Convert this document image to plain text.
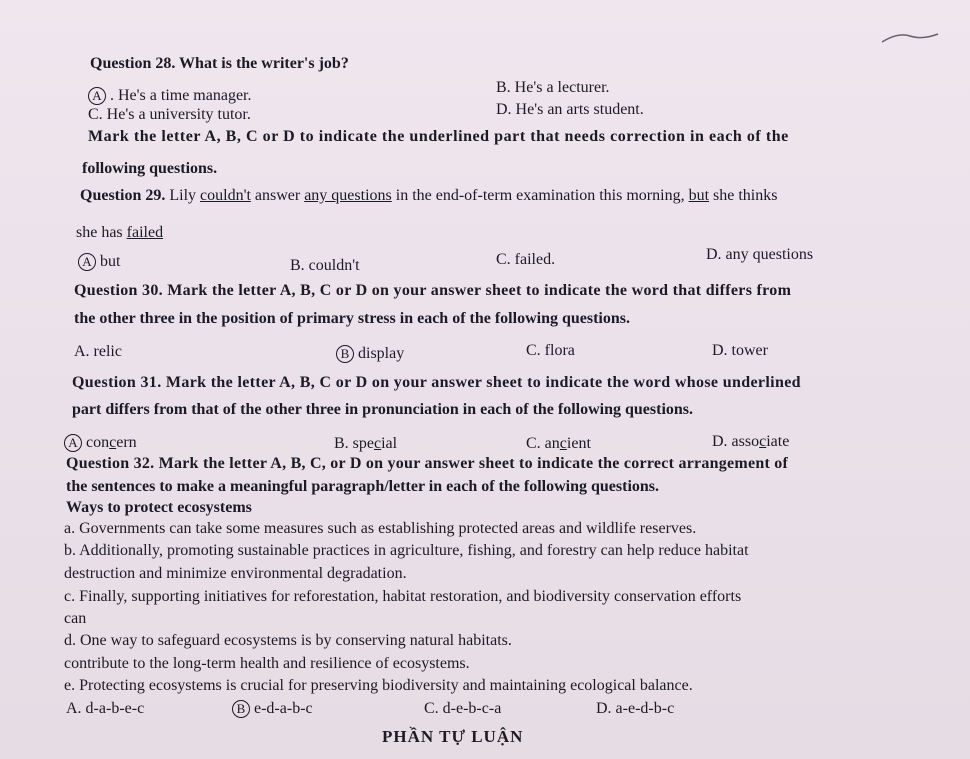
Question 28. What is the writer's job?
A . He's a time manager.	B. He's a lecturer.
C. He's a university tutor.	D. He's an arts student.
Mark the letter A, B, C or D to indicate the underlined part that needs correction in each of the
following questions.
Question 29. Lily couldn't answer any questions in the end-of-term examination this morning, but she thinks
she has failed
A but	B. couldn't	C. failed.	D. any questions
Question 30. Mark the letter A, B, C or D on your answer sheet to indicate the word that differs from
the other three in the position of primary stress in each of the following questions.
A. relic	B display	C. flora	D. tower
Question 31. Mark the letter A, B, C or D on your answer sheet to indicate the word whose underlined
part differs from that of the other three in pronunciation in each of the following questions.
A concern	B. special	C. ancient	D. associate
Question 32. Mark the letter A, B, C, or D on your answer sheet to indicate the correct arrangement of
the sentences to make a meaningful paragraph/letter in each of the following questions.
Ways to protect ecosystems
a. Governments can take some measures such as establishing protected areas and wildlife reserves.
b. Additionally, promoting sustainable practices in agriculture, fishing, and forestry can help reduce habitat
destruction and minimize environmental degradation.
c. Finally, supporting initiatives for reforestation, habitat restoration, and biodiversity conservation efforts
can
d. One way to safeguard ecosystems is by conserving natural habitats.
contribute to the long-term health and resilience of ecosystems.
e. Protecting ecosystems is crucial for preserving biodiversity and maintaining ecological balance.
A. d-a-b-e-c	B e-d-a-b-c	C. d-e-b-c-a	D. a-e-d-b-c
PHẦN TỰ LUẬN
